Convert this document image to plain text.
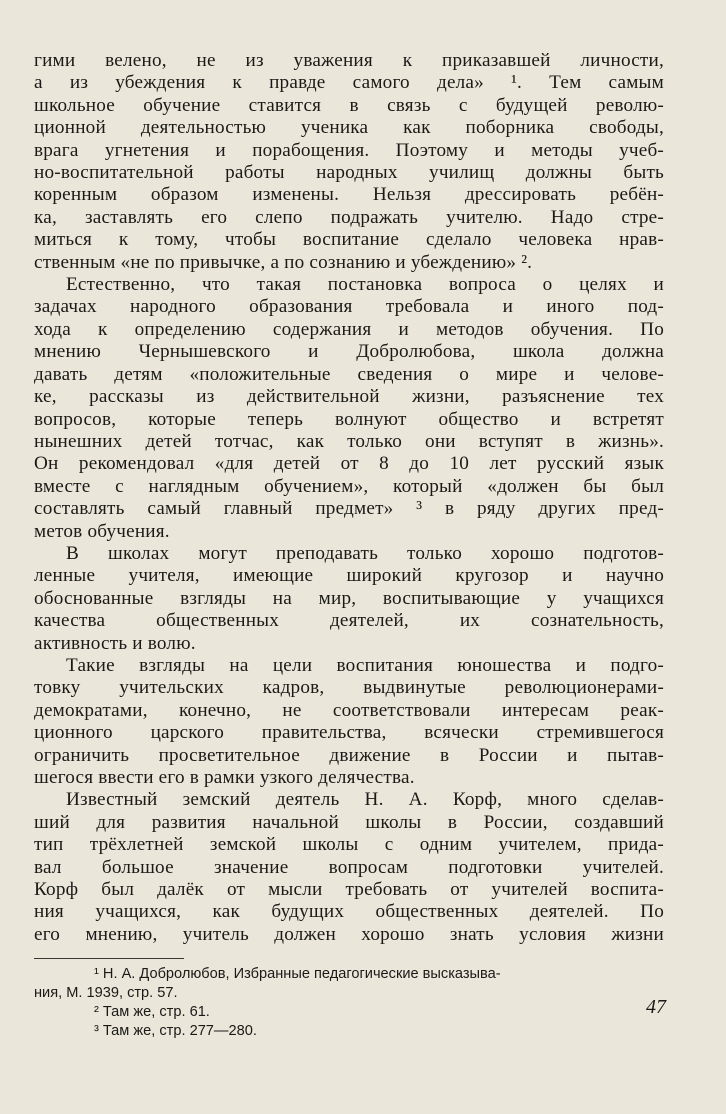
гими велено, не из уважения к приказавшей личности,
а из убеждения к правде самого дела» ¹. Тем самым
школьное обучение ставится в связь с будущей револю-
ционной деятельностью ученика как поборника свободы,
врага угнетения и порабощения. Поэтому и методы учеб-
но-воспитательной работы народных училищ должны быть
коренным образом изменены. Нельзя дрессировать ребён-
ка, заставлять его слепо подражать учителю. Надо стре-
миться к тому, чтобы воспитание сделало человека нрав-
ственным «не по привычке, а по сознанию и убеждению» ².
Естественно, что такая постановка вопроса о целях и
задачах народного образования требовала и иного под-
хода к определению содержания и методов обучения. По
мнению Чернышевского и Добролюбова, школа должна
давать детям «положительные сведения о мире и челове-
ке, рассказы из действительной жизни, разъяснение тех
вопросов, которые теперь волнуют общество и встретят
нынешних детей тотчас, как только они вступят в жизнь».
Он рекомендовал «для детей от 8 до 10 лет русский язык
вместе с наглядным обучением», который «должен бы был
составлять самый главный предмет» ³ в ряду других пред-
метов обучения.
В школах могут преподавать только хорошо подготов-
ленные учителя, имеющие широкий кругозор и научно
обоснованные взгляды на мир, воспитывающие у учащихся
качества общественных деятелей, их сознательность,
активность и волю.
Такие взгляды на цели воспитания юношества и подго-
товку учительских кадров, выдвинутые революционерами-
демократами, конечно, не соответствовали интересам реак-
ционного царского правительства, всячески стремившегося
ограничить просветительное движение в России и пытав-
шегося ввести его в рамки узкого делячества.
Известный земский деятель Н. А. Корф, много сделав-
ший для развития начальной школы в России, создавший
тип трёхлетней земской школы с одним учителем, прида-
вал большое значение вопросам подготовки учителей.
Корф был далёк от мысли требовать от учителей воспита-
ния учащихся, как будущих общественных деятелей. По
его мнению, учитель должен хорошо знать условия жизни
¹ Н. А. Добролюбов, Избранные педагогические высказыва-
ния, М. 1939, стр. 57.
² Там же, стр. 61.
³ Там же, стр. 277—280.
47
